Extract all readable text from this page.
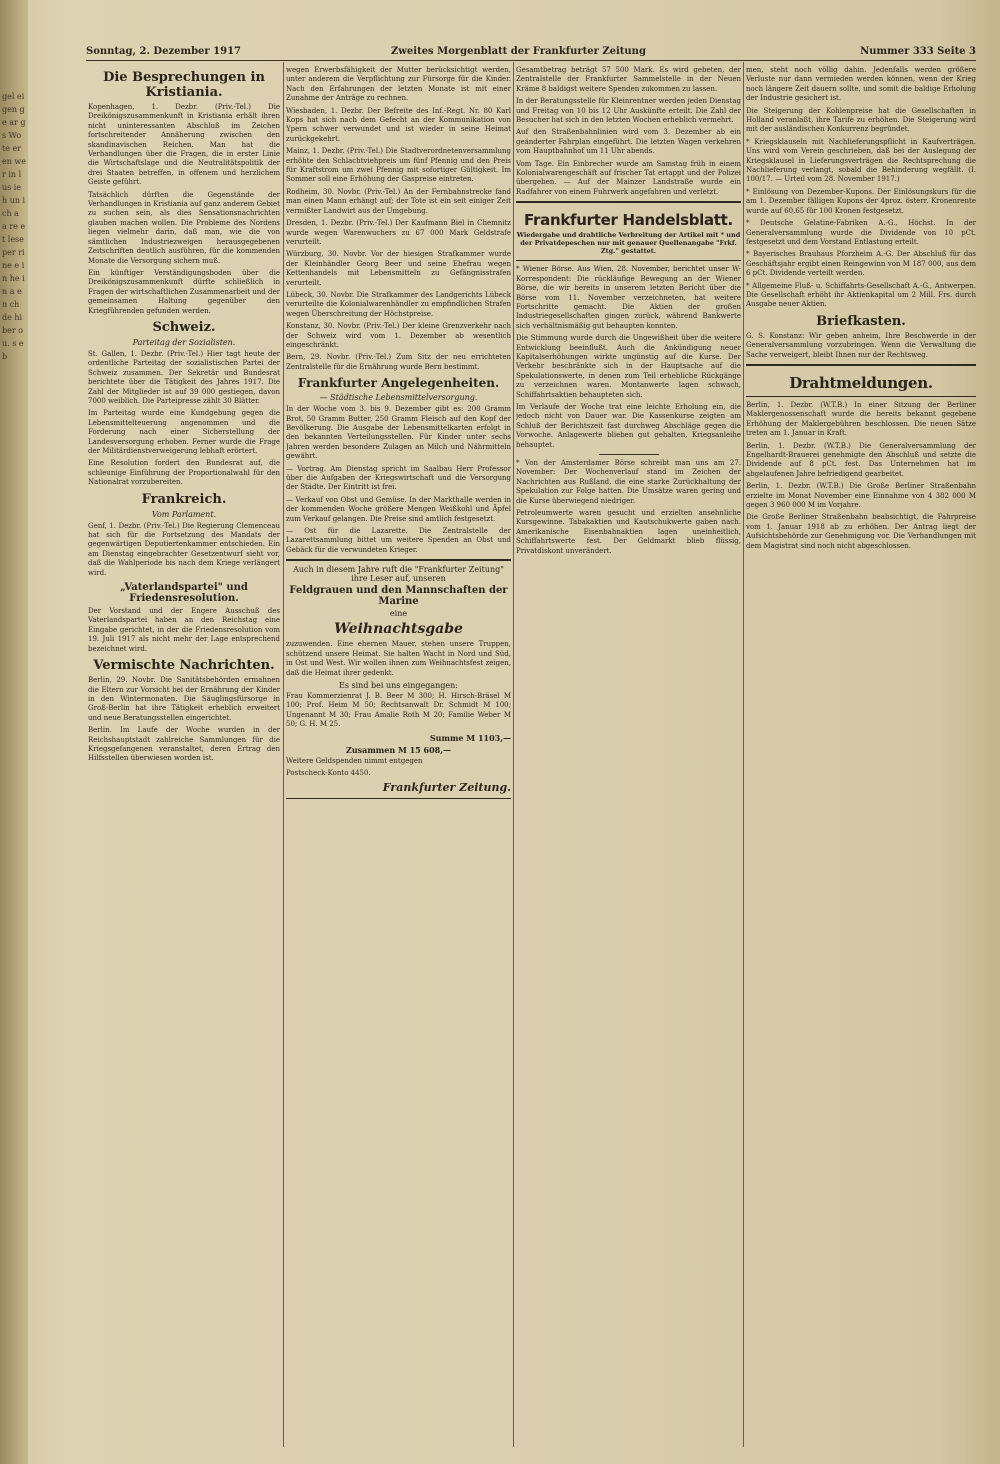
gel ei gen g e ar gs Wo te er en wer in lus ieh un ich a a re et lese per rine e in he in a en ch de hi ber ou. s e b
Sonntag, 2. Dezember 1917	Zweites Morgenblatt der Frankfurter Zeitung	Nummer 333 Seite 3
Die Besprechungen in Kristiania.

Kopenhagen, 1. Dezbr. (Priv.-Tel.) Die Dreikönigszusammenkunft in Kristiania erhält ihren nicht uninteressanten Abschluß im Zeichen fortschreitender Annäherung zwischen den skandinavischen Reichen. Man hat die Verhandlungen über die Fragen, die in erster Linie die Wirtschaftslage und die Neutralitätspolitik der drei Staaten betreffen, in offenem und herzlichem Geiste geführt.

Tatsächlich dürften die Gegenstände der Verhandlungen in Kristiania auf ganz anderem Gebiet zu suchen sein, als dies Sensationsnachrichten glauben machen wollen. Die Probleme des Nordens liegen vielmehr darin, daß man, wie die von sämtlichen Industriezweigen herausgegebenen Zeitschriften deutlich ausführen, für die kommenden Monate die Versorgung sichern muß.

Ein künftiger Verständigungsboden über die Dreikönigszusammenkunft dürfte schließlich in Fragen der wirtschaftlichen Zusammenarbeit und der gemeinsamen Haltung gegenüber den Kriegführenden gefunden werden.

Schweiz.

Parteitag der Sozialisten.

St. Gallen, 1. Dezbr. (Priv.-Tel.) Hier tagt heute der ordentliche Parteitag der sozialistischen Partei der Schweiz zusammen. Der Sekretär und Bundesrat berichtete über die Tätigkeit des Jahres 1917. Die Zahl der Mitglieder ist auf 39 000 gestiegen, davon 7000 weiblich. Die Parteipresse zählt 30 Blätter.

Im Parteitag wurde eine Kundgebung gegen die Lebensmittelteuerung angenommen und die Forderung nach einer Sicherstellung der Landesversorgung erhoben. Ferner wurde die Frage der Militärdienstverweigerung lebhaft erörtert.

Eine Resolution fordert den Bundesrat auf, die schleunige Einführung der Proportionalwahl für den Nationalrat vorzubereiten.

Frankreich.

Vom Parlament.

Genf, 1. Dezbr. (Priv.-Tel.) Die Regierung Clemenceau hat sich für die Fortsetzung des Mandats der gegenwärtigen Deputiertenkammer entschieden. Ein am Dienstag eingebrachter Gesetzentwurf sieht vor, daß die Wahlperiode bis nach dem Kriege verlängert wird.

„Vaterlandspartei" und Friedensresolution.

Der Vorstand und der Engere Ausschuß des Vaterlandspartei haben an den Reichstag eine Eingabe gerichtet, in der die Friedensresolution vom 19. Juli 1917 als nicht mehr der Lage entsprechend bezeichnet wird.

Vermischte Nachrichten.

Berlin, 29. Novbr. Die Sanitätsbehörden ermahnen die Eltern zur Vorsicht bei der Ernährung der Kinder in den Wintermonaten. Die Säuglingsfürsorge in Groß-Berlin hat ihre Tätigkeit erheblich erweitert und neue Beratungsstellen eingerichtet.

Berlin. Im Laufe der Woche wurden in der Reichshauptstadt zahlreiche Sammlungen für die Kriegsgefangenen veranstaltet, deren Ertrag den Hilfsstellen überwiesen worden ist.

wegen Erwerbsfähigkeit der Mutter berücksichtigt werden, unter anderem die Verpflichtung zur Fürsorge für die Kinder. Nach den Erfahrungen der letzten Monate ist mit einer Zunahme der Anträge zu rechnen.

Wiesbaden, 1. Dezbr. Der Befreite des Inf.-Regt. Nr. 80 Karl Kops hat sich nach dem Gefecht an der Kommunikation von Ypern schwer verwundet und ist wieder in seine Heimat zurückgekehrt.

Mainz, 1. Dezbr. (Priv.-Tel.) Die Stadtverordnetenversammlung erhöhte den Schlachtviehpreis um fünf Pfennig und den Preis für Kraftstrom um zwei Pfennig mit sofortiger Gültigkeit. Im Sommer soll eine Erhöhung der Gaspreise eintreten.

Rodheim, 30. Novbr. (Priv.-Tel.) An der Fernbahnstrecke fand man einen Mann erhängt auf; der Tote ist ein seit einiger Zeit vermißter Landwirt aus der Umgebung.

Dresden, 1. Dezbr. (Priv.-Tel.) Der Kaufmann Biel in Chemnitz wurde wegen Warenwuchers zu 67 000 Mark Geldstrafe verurteilt.

Würzburg, 30. Novbr. Vor der hiesigen Strafkammer wurde der Kleinhändler Georg Beer und seine Ehefrau wegen Kettenhandels mit Lebensmitteln zu Gefängnisstrafen verurteilt.

Lübeck, 30. Novbr. Die Strafkammer des Landgerichts Lübeck verurteilte die Kolonialwarenhändler zu empfindlichen Strafen wegen Überschreitung der Höchstpreise.

Konstanz, 30. Novbr. (Priv.-Tel.) Der kleine Grenzverkehr nach der Schweiz wird vom 1. Dezember ab wesentlich eingeschränkt.

Bern, 29. Novbr. (Priv.-Tel.) Zum Sitz der neu errichteten Zentralstelle für die Ernährung wurde Bern bestimmt.

Frankfurter Angelegenheiten.

— Städtische Lebensmittelversorgung.

In der Woche vom 3. bis 9. Dezember gibt es: 200 Gramm Brot, 50 Gramm Butter, 250 Gramm Fleisch auf den Kopf der Bevölkerung. Die Ausgabe der Lebensmittelkarten erfolgt in den bekannten Verteilungsstellen. Für Kinder unter sechs Jahren werden besondere Zulagen an Milch und Nährmitteln gewährt.

— Vortrag. Am Dienstag spricht im Saalbau Herr Professor über die Aufgaben der Kriegswirtschaft und die Versorgung der Städte. Der Eintritt ist frei.

— Verkauf von Obst und Gemüse. In der Markthalle werden in der kommenden Woche größere Mengen Weißkohl und Äpfel zum Verkauf gelangen. Die Preise sind amtlich festgesetzt.

— Ost für die Lazarette. Die Zentralstelle der Lazarettsammlung bittet um weitere Spenden an Obst und Gebäck für die verwundeten Krieger.

Auch in diesem Jahre ruft die "Frankfurter Zeitung" ihre Leser auf, unseren

Feldgrauen und den Mannschaften der Marine

eine

Weihnachtsgabe

zuzuwenden. Eine ehernen Mauer, stehen unsere Truppen, schützend unsere Heimat. Sie halten Wacht in Nord und Süd, in Ost und West. Wir wollen ihnen zum Weihnachtsfest zeigen, daß die Heimat ihrer gedenkt.

Es sind bei uns eingegangen:

Frau Kommerzienrat J. B. Beer M 300; H. Hirsch-Bräsel M 100; Prof. Heim M 50; Rechtsanwalt Dr. Schmidt M 100; Ungenannt M 30; Frau Amalie Roth M 20; Familie Weber M 50; G. H. M 25.

Summe M 1103,—

Zusammen M 15 608,—

Weitere Geldspenden nimmt entgegen

Postscheck-Konto 4450.

Frankfurter Zeitung.

Gesamtbetrag beträgt 57 500 Mark. Es wird gebeten, der Zentralstelle der Frankfurter Sammelstelle in der Neuen Kräme 8 baldigst weitere Spenden zukommen zu lassen.

In der Beratungsstelle für Kleinrentner werden jeden Dienstag und Freitag von 10 bis 12 Uhr Auskünfte erteilt. Die Zahl der Besucher hat sich in den letzten Wochen erheblich vermehrt.

Auf den Straßenbahnlinien wird vom 3. Dezember ab ein geänderter Fahrplan eingeführt. Die letzten Wagen verkehren vom Hauptbahnhof um 11 Uhr abends.

Vom Tage. Ein Einbrecher wurde am Samstag früh in einem Kolonialwarengeschäft auf frischer Tat ertappt und der Polizei übergeben. — Auf der Mainzer Landstraße wurde ein Radfahrer von einem Fuhrwerk angefahren und verletzt.

Frankfurter Handelsblatt.

Wiedergabe und drahtliche Verbreitung der Artikel mit * und der Privatdepeschen nur mit genauer Quellenangabe "Frkf. Ztg." gestattet.

* Wiener Börse. Aus Wien, 28. November, berichtet unser W-Korrespondent: Die rückläufige Bewegung an der Wiener Börse, die wir bereits in unserem letzten Bericht über die Börse vom 11. November verzeichneten, hat weitere Fortschritte gemacht. Die Aktien der großen Industriegesellschaften gingen zurück, während Bankwerte sich verhältnismäßig gut behaupten konnten.

Die Stimmung wurde durch die Ungewißheit über die weitere Entwicklung beeinflußt. Auch die Ankündigung neuer Kapitalserhöhungen wirkte ungünstig auf die Kurse. Der Verkehr beschränkte sich in der Hauptsache auf die Spekulationswerte, in denen zum Teil erhebliche Rückgänge zu verzeichnen waren. Montanwerte lagen schwach, Schiffahrtsaktien behaupteten sich.

Im Verlaufe der Woche trat eine leichte Erholung ein, die jedoch nicht von Dauer war. Die Kassenkurse zeigten am Schluß der Berichtszeit fast durchweg Abschläge gegen die Vorwoche. Anlagewerte blieben gut gehalten, Kriegsanleihe behauptet.

* Von der Amsterdamer Börse schreibt man uns am 27. November: Der Wochenverlauf stand im Zeichen der Nachrichten aus Rußland, die eine starke Zurückhaltung der Spekulation zur Folge hatten. Die Umsätze waren gering und die Kurse überwiegend niedriger.

Petroleumwerte waren gesucht und erzielten ansehnliche Kursgewinne. Tabakaktien und Kautschukwerte gaben nach. Amerikanische Eisenbahnaktien lagen uneinheitlich, Schiffahrtswerte fest. Der Geldmarkt blieb flüssig, Privatdiskont unverändert.

men, steht noch völlig dahin. Jedenfalls werden größere Verluste nur dann vermieden werden können, wenn der Krieg noch längere Zeit dauern sollte, und somit die baldige Erholung der Industrie gesichert ist.

Die Steigerung der Kohlenpreise hat die Gesellschaften in Holland veranlaßt, ihre Tarife zu erhöhen. Die Steigerung wird mit der ausländischen Konkurrenz begründet.

* Kriegsklauseln mit Nachlieferungspflicht in Kaufverträgen. Uns wird vom Verein geschrieben, daß bei der Auslegung der Kriegsklausel in Lieferungsverträgen die Rechtsprechung die Nachlieferung verlangt, sobald die Behinderung wegfällt. (I. 100/17. — Urteil vom 28. November 1917.)

* Einlösung von Dezember-Kupons. Der Einlösungskurs für die am 1. Dezember fälligen Kupons der 4proz. österr. Kronenrente wurde auf 60,65 für 100 Kronen festgesetzt.

* Deutsche Gelatine-Fabriken A.-G., Höchst. In der Generalversammlung wurde die Dividende von 10 pCt. festgesetzt und dem Vorstand Entlastung erteilt.

* Bayerisches Brauhaus Pforzheim A.-G. Der Abschluß für das Geschäftsjahr ergibt einen Reingewinn von M 187 000, aus dem 6 pCt. Dividende verteilt werden.

* Allgemeine Fluß- u. Schiffahrts-Gesellschaft A.-G., Antwerpen. Die Gesellschaft erhöht ihr Aktienkapital um 2 Mill. Frs. durch Ausgabe neuer Aktien.

Briefkasten.

G. S. Konstanz: Wir geben anheim, Ihre Beschwerde in der Generalversammlung vorzubringen. Wenn die Verwaltung die Sache verweigert, bleibt Ihnen nur der Rechtsweg.

Drahtmeldungen.

Berlin, 1. Dezbr. (W.T.B.) In einer Sitzung der Berliner Maklergenossenschaft wurde die bereits bekannt gegebene Erhöhung der Maklergebühren beschlossen. Die neuen Sätze treten am 1. Januar in Kraft.

Berlin, 1. Dezbr. (W.T.B.) Die Generalversammlung der Engelhardt-Brauerei genehmigte den Abschluß und setzte die Dividende auf 8 pCt. fest. Das Unternehmen hat im abgelaufenen Jahre befriedigend gearbeitet.

Berlin, 1. Dezbr. (W.T.B.) Die Große Berliner Straßenbahn erzielte im Monat November eine Einnahme von 4 382 000 M gegen 3 960 000 M im Vorjahre.

Die Große Berliner Straßenbahn beabsichtigt, die Fahrpreise vom 1. Januar 1918 ab zu erhöhen. Der Antrag liegt der Aufsichtsbehörde zur Genehmigung vor. Die Verhandlungen mit dem Magistrat sind noch nicht abgeschlossen.
